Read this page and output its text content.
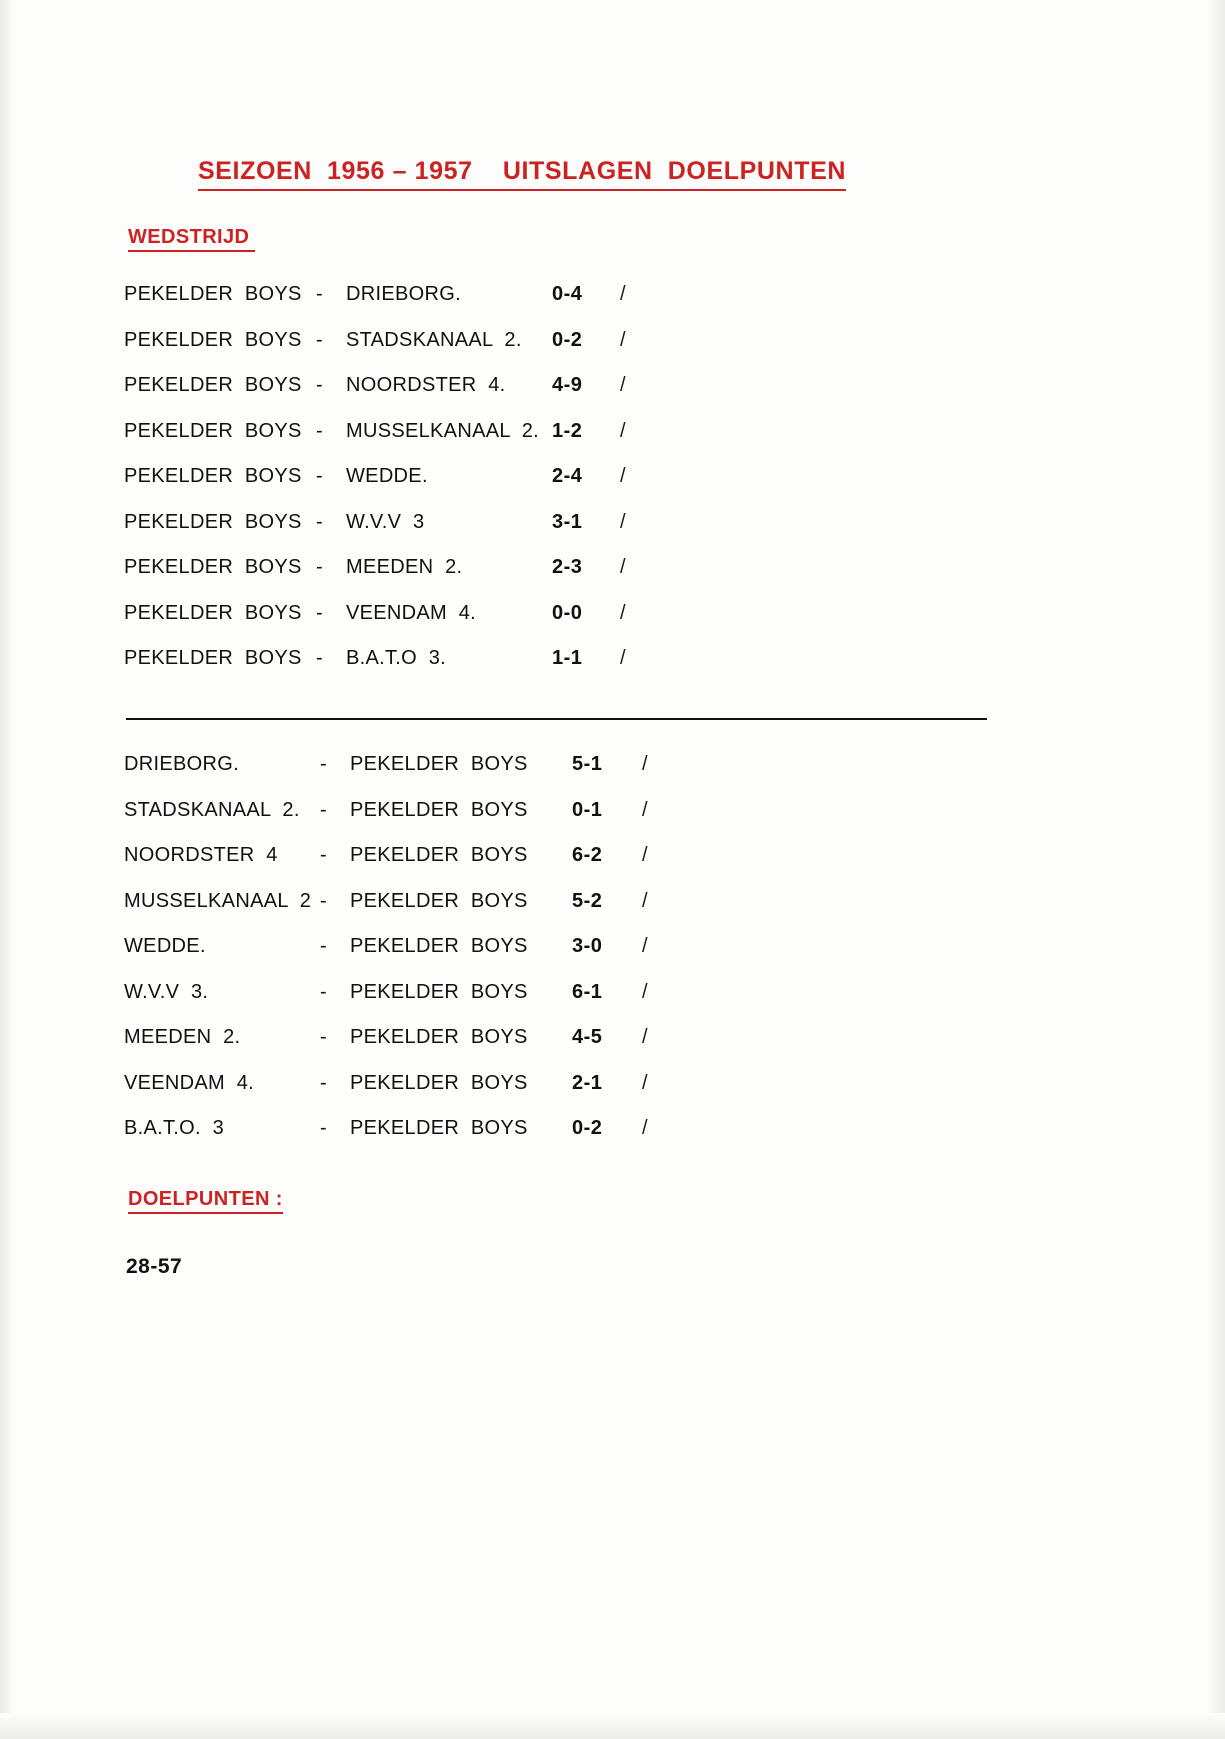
SEIZOEN  1956 – 1957    UITSLAGEN  DOELPUNTEN
WEDSTRIJD
PEKELDER  BOYS	-	DRIEBORG.	0-4	/
PEKELDER  BOYS	-	STADSKANAAL  2.	0-2	/
PEKELDER  BOYS	-	NOORDSTER  4.	4-9	/
PEKELDER  BOYS	-	MUSSELKANAAL  2.	1-2	/
PEKELDER  BOYS	-	WEDDE.	2-4	/
PEKELDER  BOYS	-	W.V.V  3	3-1	/
PEKELDER  BOYS	-	MEEDEN  2.	2-3	/
PEKELDER  BOYS	-	VEENDAM  4.	0-0	/
PEKELDER  BOYS	-	B.A.T.O  3.	1-1	/
DRIEBORG.	-	PEKELDER  BOYS	5-1	/
STADSKANAAL  2.	-	PEKELDER  BOYS	0-1	/
NOORDSTER  4	-	PEKELDER  BOYS	6-2	/
MUSSELKANAAL  2	-	PEKELDER  BOYS	5-2	/
WEDDE.	-	PEKELDER  BOYS	3-0	/
W.V.V  3.	-	PEKELDER  BOYS	6-1	/
MEEDEN  2.	-	PEKELDER  BOYS	4-5	/
VEENDAM  4.	-	PEKELDER  BOYS	2-1	/
B.A.T.O.  3	-	PEKELDER  BOYS	0-2	/
DOELPUNTEN :
28-57
